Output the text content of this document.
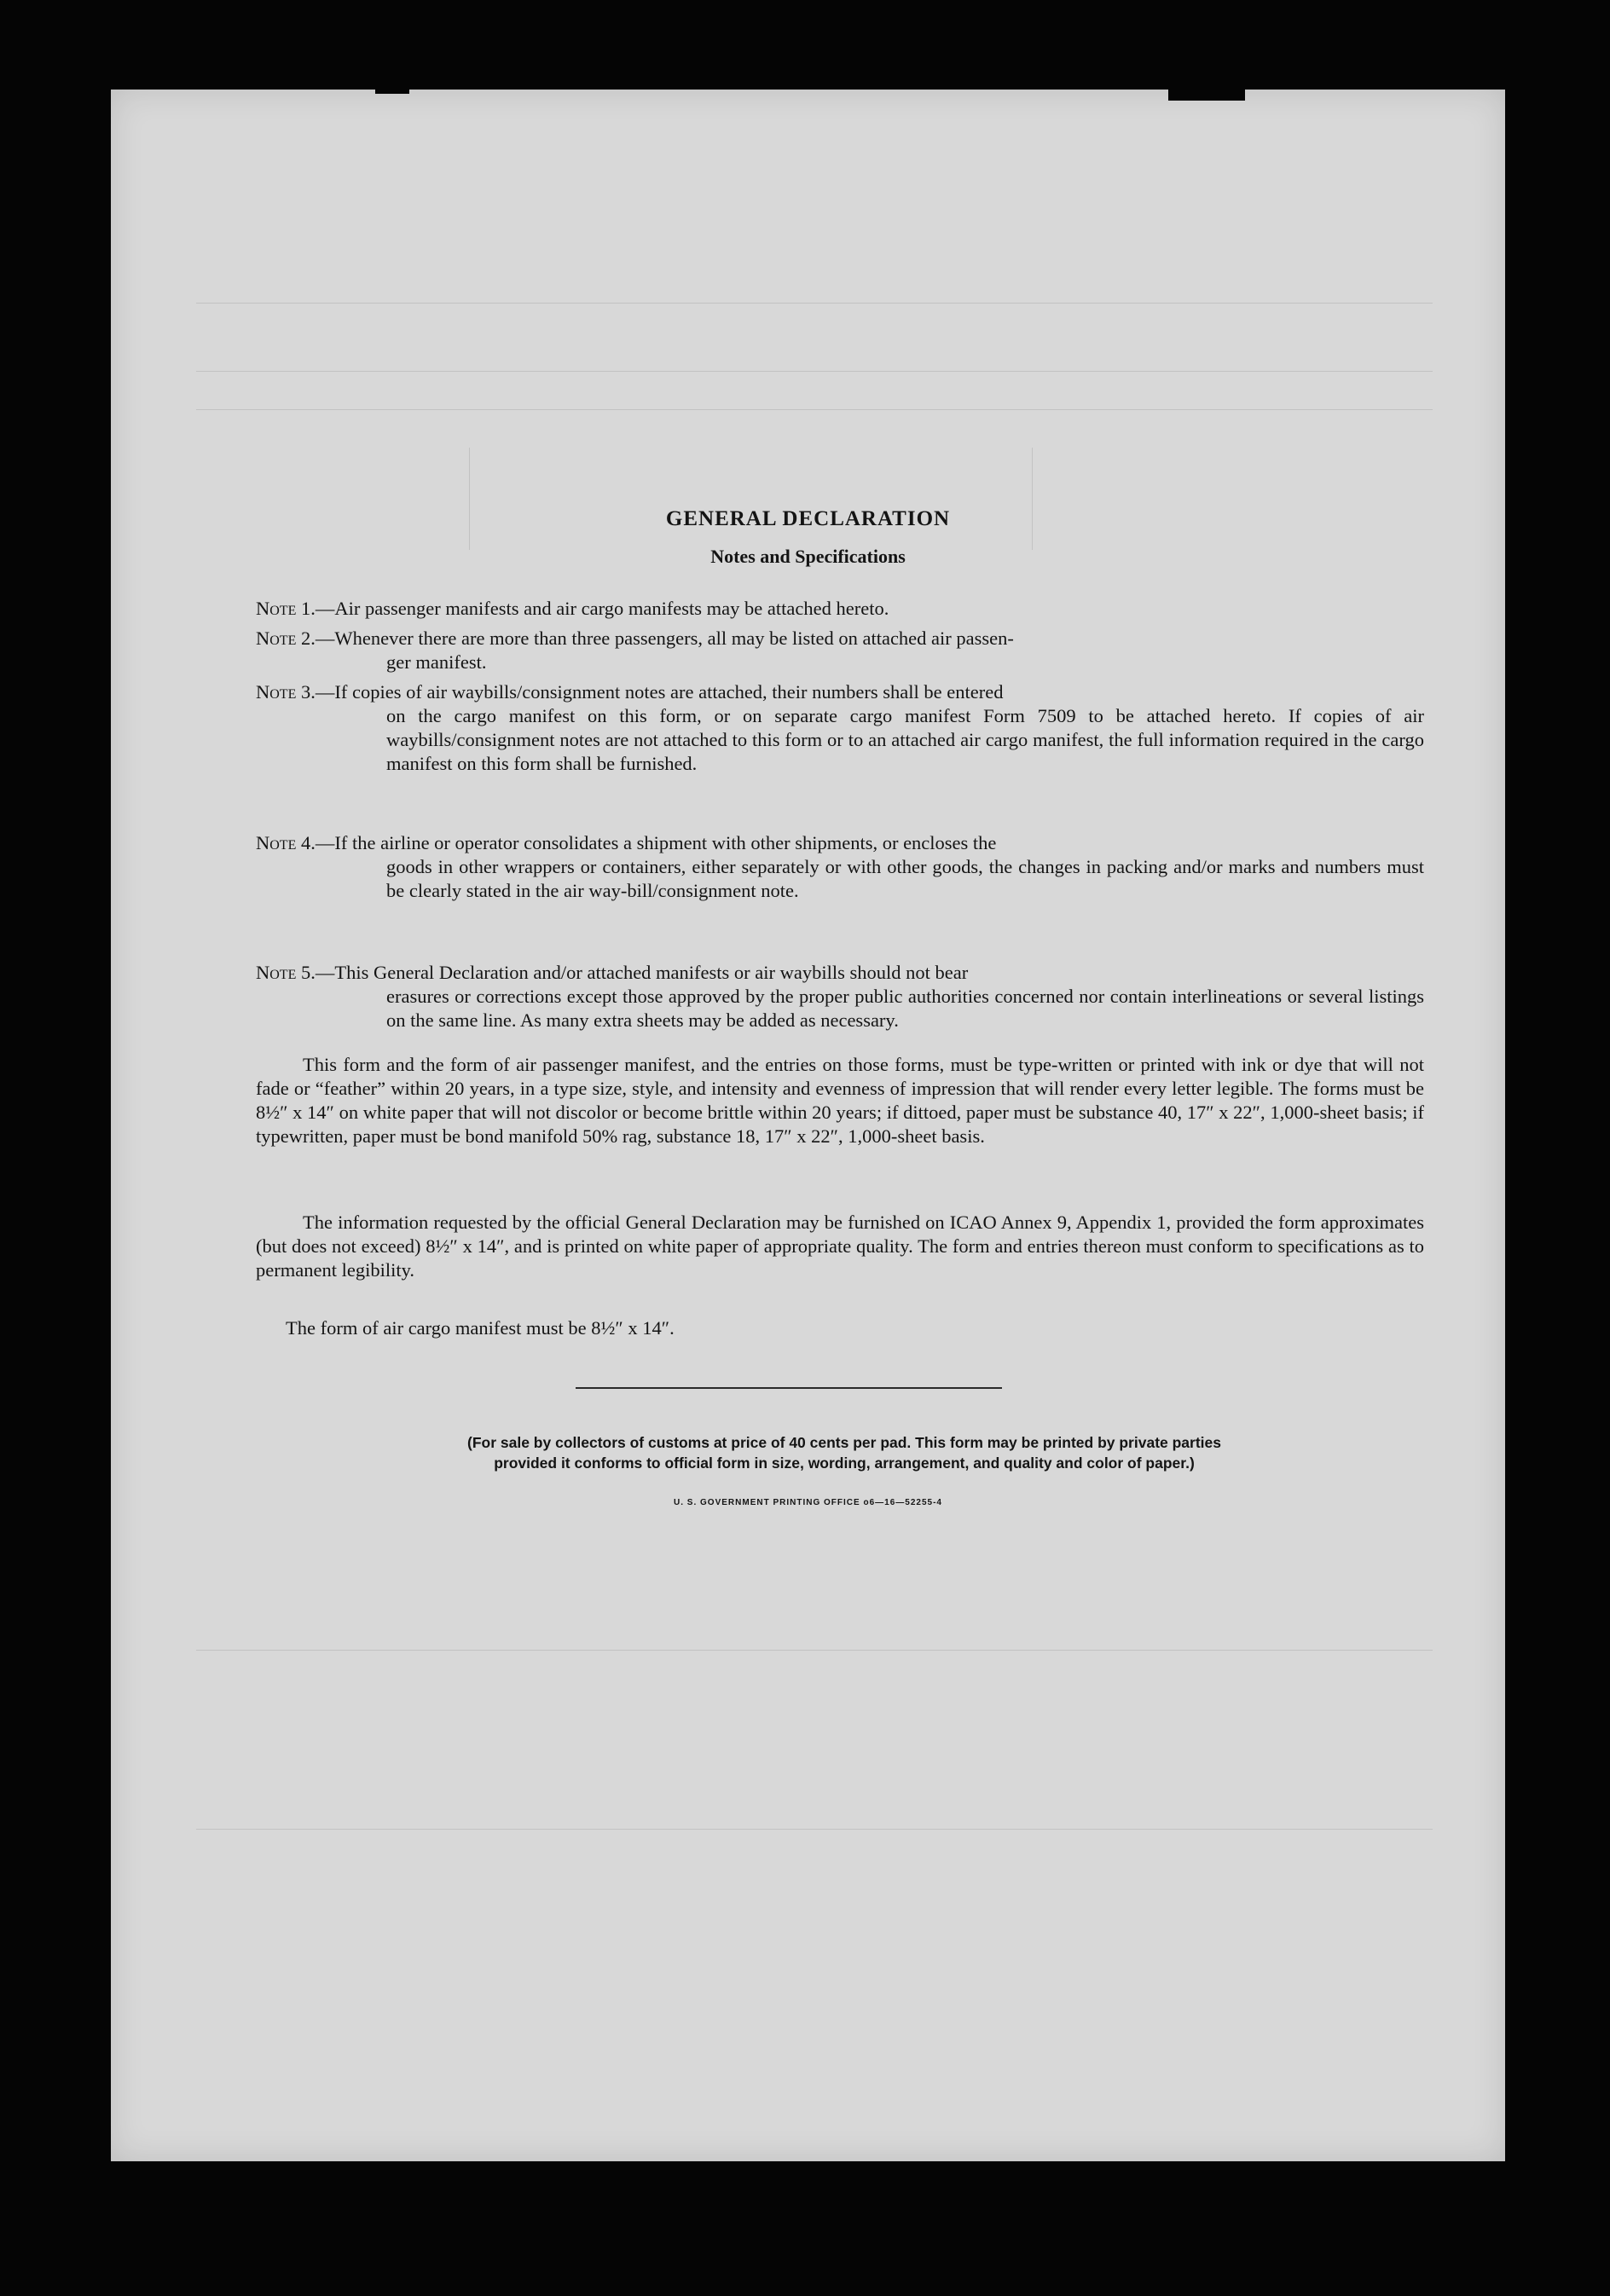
GENERAL DECLARATION
Notes and Specifications
Note 1.—Air passenger manifests and air cargo manifests may be attached hereto.
Note 2.—Whenever there are more than three passengers, all may be listed on attached air passen-
ger manifest.
Note 3.—If copies of air waybills/consignment notes are attached, their numbers shall be entered
on the cargo manifest on this form, or on separate cargo manifest Form 7509 to be attached hereto. If copies of air waybills/consignment notes are not attached to this form or to an attached air cargo manifest, the full information required in the cargo manifest on this form shall be furnished.
Note 4.—If the airline or operator consolidates a shipment with other shipments, or encloses the
goods in other wrappers or containers, either separately or with other goods, the changes in packing and/or marks and numbers must be clearly stated in the air way-bill/consignment note.
Note 5.—This General Declaration and/or attached manifests or air waybills should not bear
erasures or corrections except those approved by the proper public authorities concerned nor contain interlineations or several listings on the same line. As many extra sheets may be added as necessary.
This form and the form of air passenger manifest, and the entries on those forms, must be type-written or printed with ink or dye that will not fade or “feather” within 20 years, in a type size, style, and intensity and evenness of impression that will render every letter legible. The forms must be 8½″ x 14″ on white paper that will not discolor or become brittle within 20 years; if dittoed, paper must be substance 40, 17″ x 22″, 1,000-sheet basis; if typewritten, paper must be bond manifold 50% rag, substance 18, 17″ x 22″, 1,000-sheet basis.
The information requested by the official General Declaration may be furnished on ICAO Annex 9, Appendix 1, provided the form approximates (but does not exceed) 8½″ x 14″, and is printed on white paper of appropriate quality. The form and entries thereon must conform to specifications as to permanent legibility.
The form of air cargo manifest must be 8½″ x 14″.
(For sale by collectors of customs at price of 40 cents per pad. This form may be printed by private parties
provided it conforms to official form in size, wording, arrangement, and quality and color of paper.)
U. S. GOVERNMENT PRINTING OFFICE o6—16—52255-4
